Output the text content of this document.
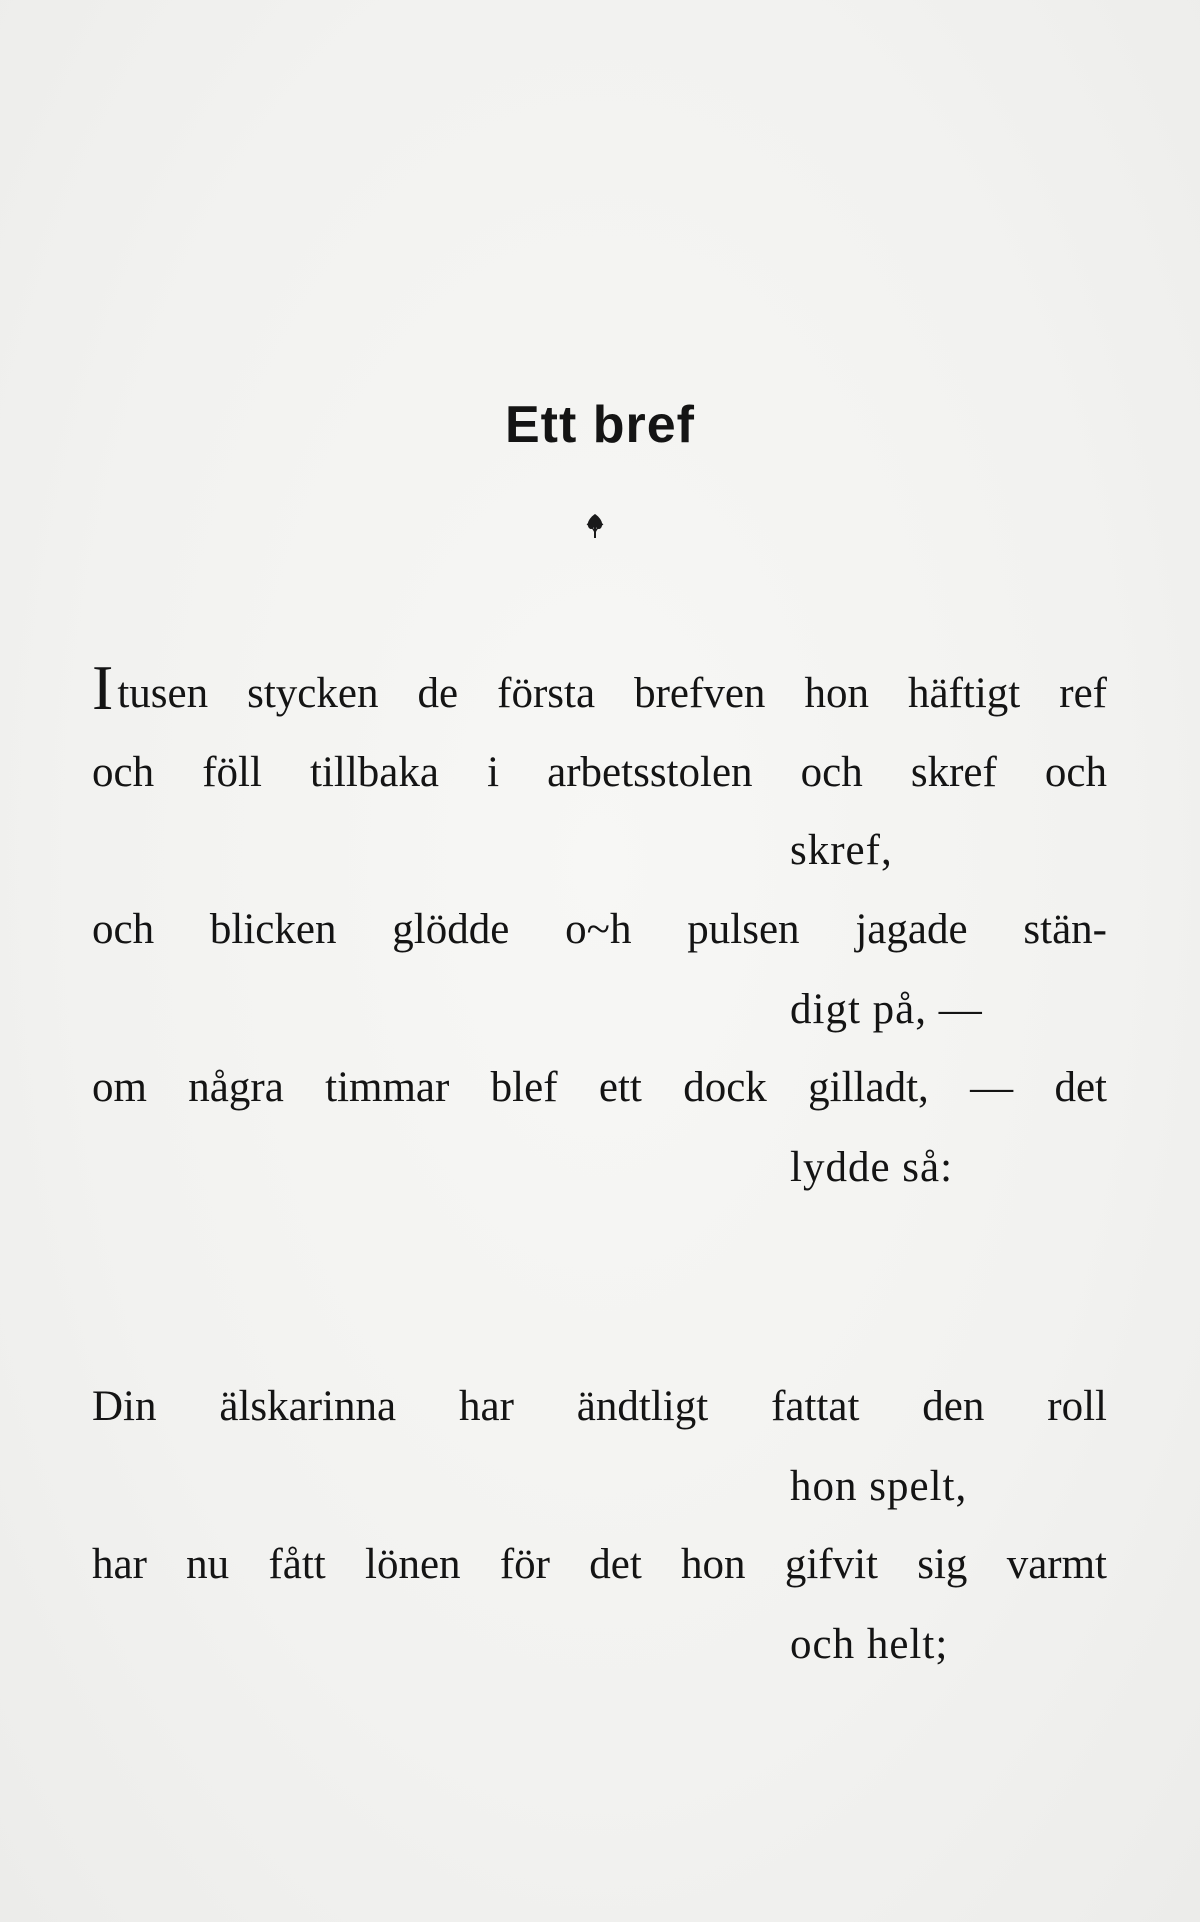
Ett bref
Itusen stycken de första brefven hon häftigt ref
och föll tillbaka i arbetsstolen och skref och
skref,
och blicken glödde o~h pulsen jagade stän-
digt på, —
om några timmar blef ett dock gilladt, — det
lydde så:
Din älskarinna har ändtligt fattat den roll
hon spelt,
har nu fått lönen för det hon gifvit sig varmt
och helt;
